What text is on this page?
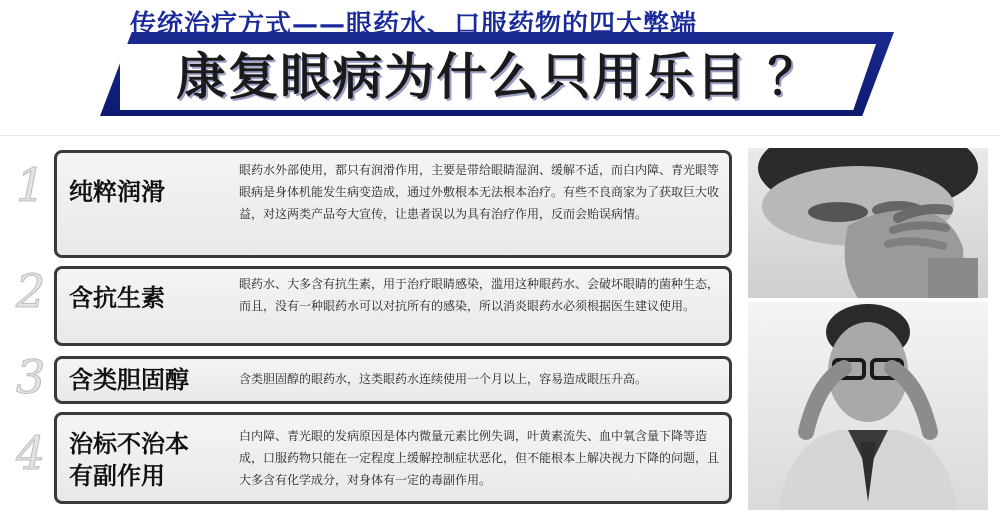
传统治疗方式——眼药水、口服药物的四大弊端
康复眼病为什么只用乐目 ？
1 纯粹润滑
眼药水外部使用，都只有润滑作用，主要是带给眼睛湿润、缓解不适，而白内障、青光眼等眼病是身体机能发生病变造成，通过外敷根本无法根本治疗。有些不良商家为了获取巨大收益，对这两类产品夸大宣传，让患者误以为具有治疗作用，反而会贻误病情。
2 含抗生素	眼药水、大多含有抗生素，用于治疗眼睛感染，滥用这种眼药水、会破坏眼睛的菌种生态，而且，没有一种眼药水可以对抗所有的感染，所以消炎眼药水必须根据医生建议使用。
3 含类胆固醇	含类胆固醇的眼药水，这类眼药水连续使用一个月以上，容易造成眼压升高。
4 治标不治本
有副作用
白内障、青光眼的发病原因是体内微量元素比例失调，叶黄素流失、血中氧含量下降等造成，口服药物只能在一定程度上缓解控制症状恶化，但不能根本上解决视力下降的问题，且大多含有化学成分，对身体有一定的毒副作用。
